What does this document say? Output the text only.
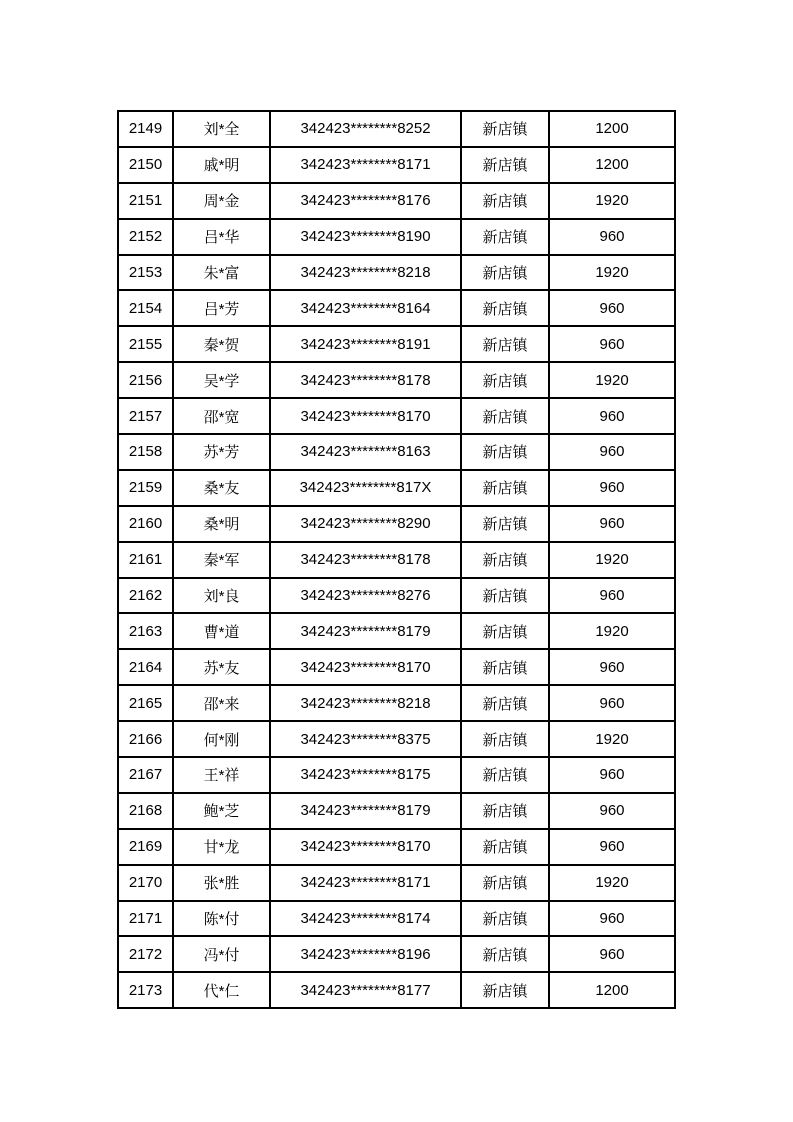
2149	刘*全	342423********8252	新店镇	1200
2150	戚*明	342423********8171	新店镇	1200
2151	周*金	342423********8176	新店镇	1920
2152	吕*华	342423********8190	新店镇	960
2153	朱*富	342423********8218	新店镇	1920
2154	吕*芳	342423********8164	新店镇	960
2155	秦*贺	342423********8191	新店镇	960
2156	吴*学	342423********8178	新店镇	1920
2157	邵*宽	342423********8170	新店镇	960
2158	苏*芳	342423********8163	新店镇	960
2159	桑*友	342423********817X	新店镇	960
2160	桑*明	342423********8290	新店镇	960
2161	秦*军	342423********8178	新店镇	1920
2162	刘*良	342423********8276	新店镇	960
2163	曹*道	342423********8179	新店镇	1920
2164	苏*友	342423********8170	新店镇	960
2165	邵*来	342423********8218	新店镇	960
2166	何*刚	342423********8375	新店镇	1920
2167	王*祥	342423********8175	新店镇	960
2168	鲍*芝	342423********8179	新店镇	960
2169	甘*龙	342423********8170	新店镇	960
2170	张*胜	342423********8171	新店镇	1920
2171	陈*付	342423********8174	新店镇	960
2172	冯*付	342423********8196	新店镇	960
2173	代*仁	342423********8177	新店镇	1200
